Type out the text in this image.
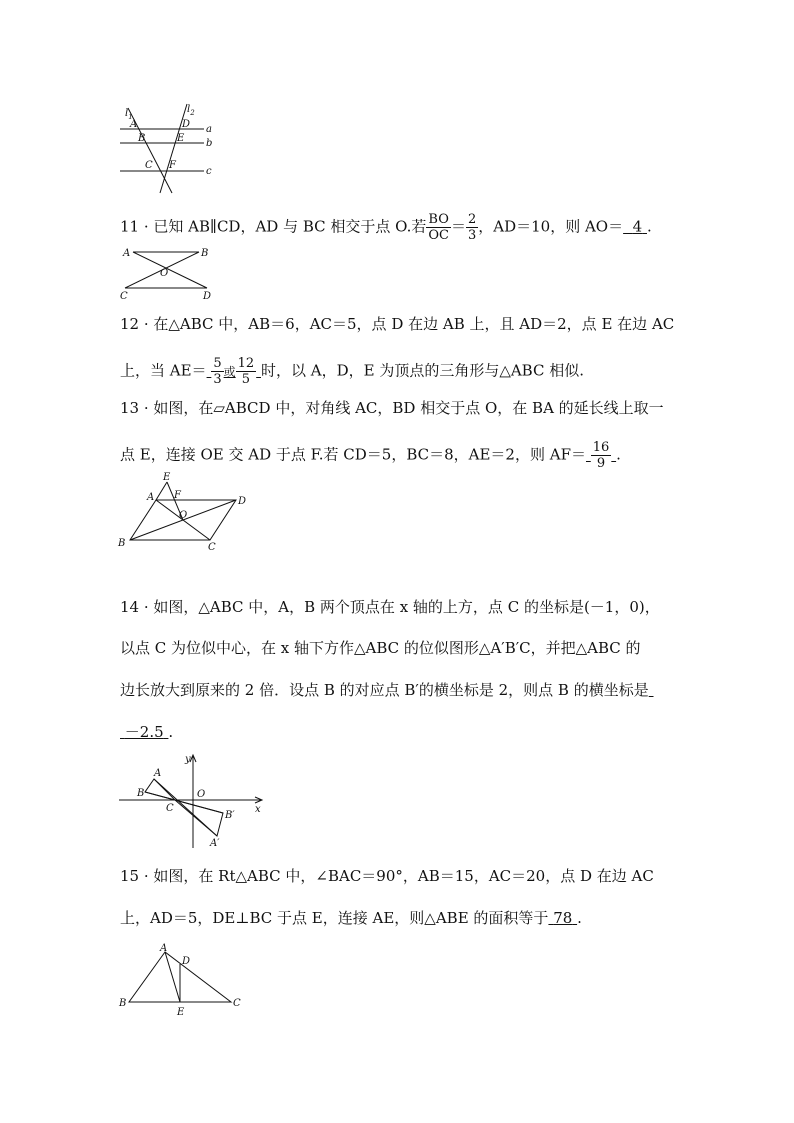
$l_1$
$l_2$
A
B
C
D
E
F
a
b
c
11 · 已知 AB∥CD，AD 与 BC 相交于点 O.若 $\frac{BO}{OC} = \frac{2}{3}$ ，AD＝10，则 AO＝ 4 .
A	B
O
C	D
12 · 在△ABC 中，AB＝6，AC＝5，点 D 在边 AB 上，且 AD＝2，点 E 在边 AC
上，当 $AE= \frac{5}{3}$ 或 $\frac{12}{5}$ 时，以 A，D，E 为顶点的三角形与△ABC 相似.
13 · 如图，在▱ABCD 中，对角线 AC，BD 相交于点 O，在 BA 的延长线上取一
点 E，连接 OE 交 AD 于点 F.若 CD＝5，BC＝8，AE＝2，则 $AF= \frac{16}{9}$ .
E
A F
D
O
B	C
14 · 如图，△ABC 中，A，B 两个顶点在 x 轴的上方，点 C 的坐标是(－1，0)，
以点 C 为位似中心，在 x 轴下方作△ABC 的位似图形△A′B′C，并把△ABC 的
边长放大到原来的 2 倍．设点 B 的对应点 B′的横坐标是 2，则点 B 的横坐标是
－2.5 .
y
x
A
B
C
O
B′
A′
15 · 如图，在 Rt△ABC 中，∠BAC＝90°，AB＝15，AC＝20，点 D 在边 AC
上，AD＝5，DE⊥BC 于点 E，连接 AE，则△ABE 的面积等于 78 .
A
D
B
E
C
